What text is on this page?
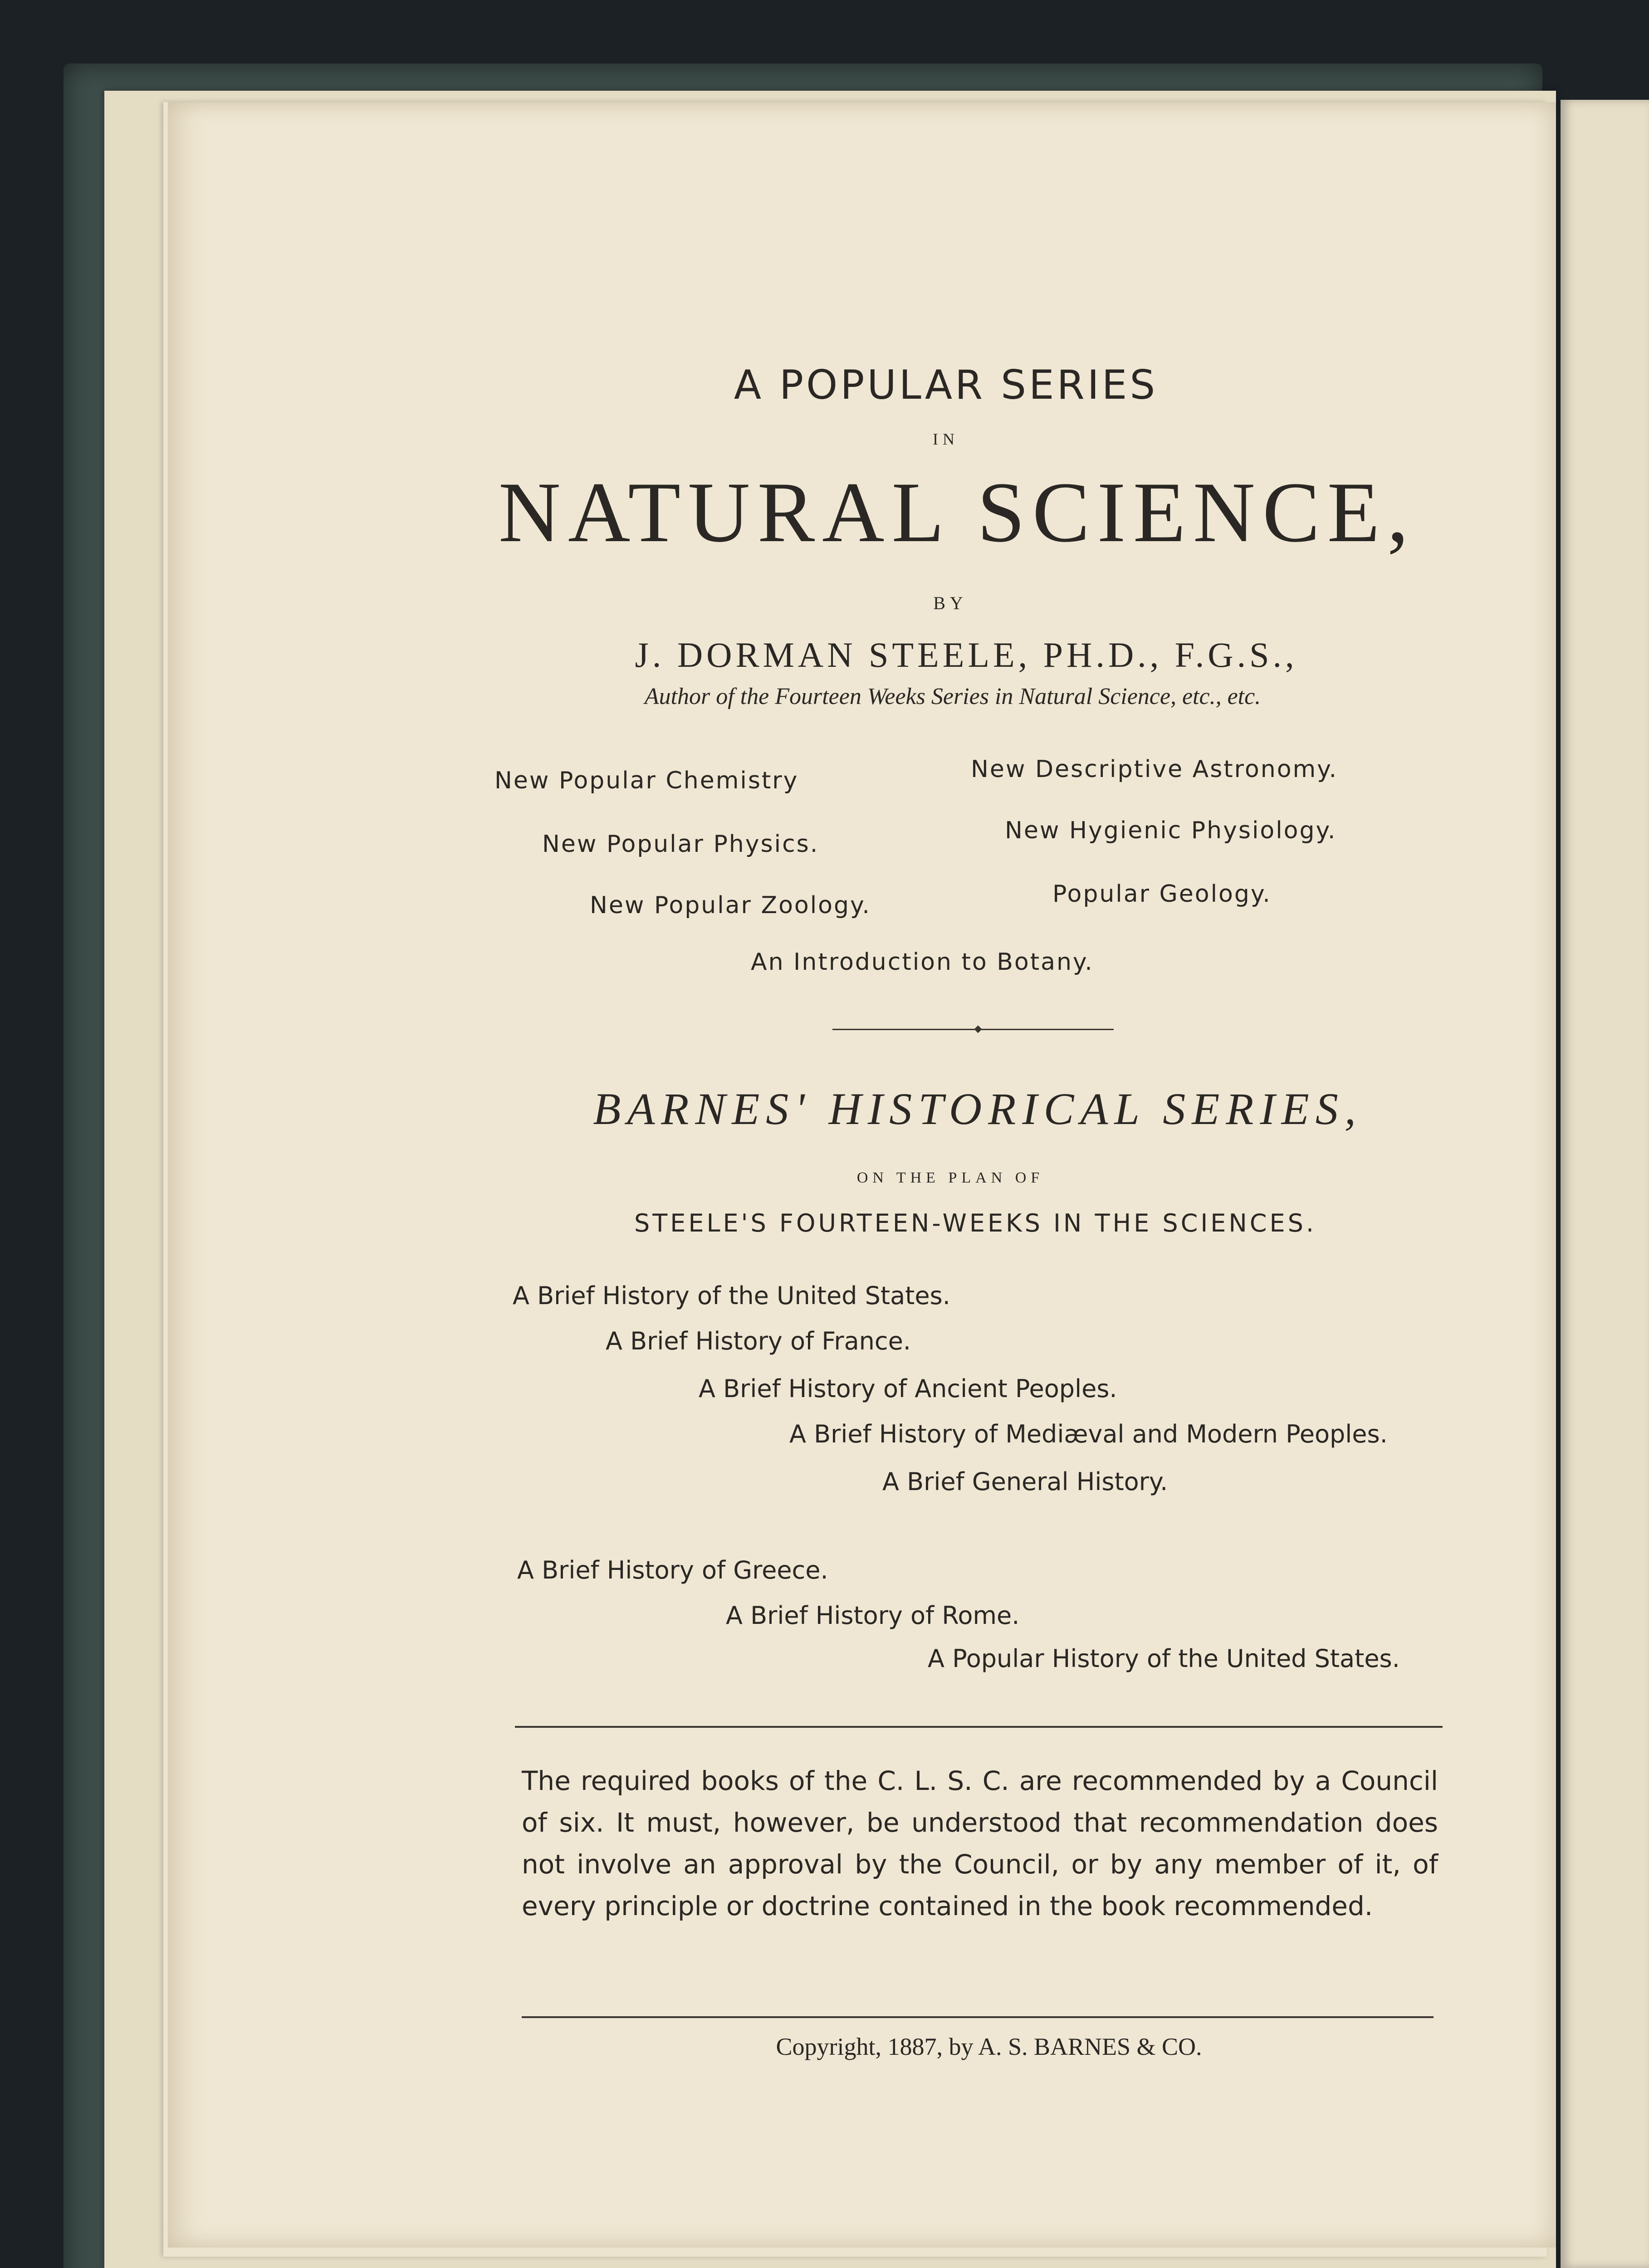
A POPULAR SERIES
IN
NATURAL SCIENCE,
BY
J. DORMAN STEELE, PH.D., F.G.S.,
Author of the Fourteen Weeks Series in Natural Science, etc., etc.
New Popular Chemistry	New Descriptive Astronomy.
New Popular Physics.	New Hygienic Physiology.
New Popular Zoology.	Popular Geology.
An Introduction to Botany.
BARNES' HISTORICAL SERIES,
ON THE PLAN OF
STEELE'S FOURTEEN-WEEKS IN THE SCIENCES.
A Brief History of the United States.
A Brief History of France.
A Brief History of Ancient Peoples.
A Brief History of Mediæval and Modern Peoples.
A Brief General History.
A Brief History of Greece.
A Brief History of Rome.
A Popular History of the United States.
The required books of the C. L. S. C. are recommended by a Council of six. It must, however, be understood that recommendation does not involve an approval by the Council, or by any member of it, of every principle or doctrine contained in the book recommended.
Copyright, 1887, by A. S. BARNES & CO.
